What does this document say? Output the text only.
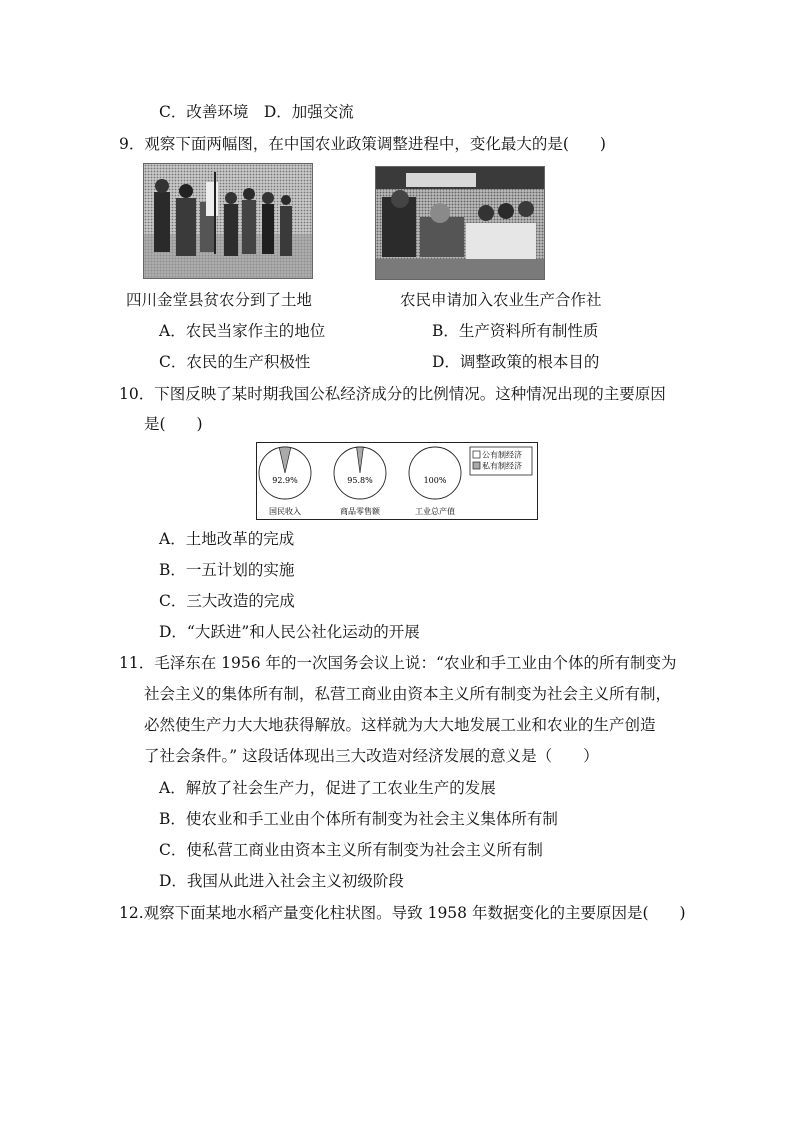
C．改善环境　D．加强交流
9．观察下面两幅图，在中国农业政策调整进程中，变化最大的是(　　)
四川金堂县贫农分到了土地	农民申请加入农业生产合作社
A．农民当家作主的地位	B．生产资料所有制性质
C．农民的生产积极性	D．调整政策的根本目的
10．下图反映了某时期我国公私经济成分的比例情况。这种情况出现的主要原因
是(　　)
92.9%
国民收入
95.8%
商品零售额
100%
工业总产值
公有制经济
私有制经济
A．土地改革的完成
B．一五计划的实施
C．三大改造的完成
D．“大跃进”和人民公社化运动的开展
11．毛泽东在 1956 年的一次国务会议上说：“农业和手工业由个体的所有制变为
社会主义的集体所有制，私营工商业由资本主义所有制变为社会主义所有制，
必然使生产力大大地获得解放。这样就为大大地发展工业和农业的生产创造
了社会条件。” 这段话体现出三大改造对经济发展的意义是（　　）
A．解放了社会生产力，促进了工农业生产的发展
B．使农业和手工业由个体所有制变为社会主义集体所有制
C．使私营工商业由资本主义所有制变为社会主义所有制
D．我国从此进入社会主义初级阶段
12.观察下面某地水稻产量变化柱状图。导致 1958 年数据变化的主要原因是(　　)
